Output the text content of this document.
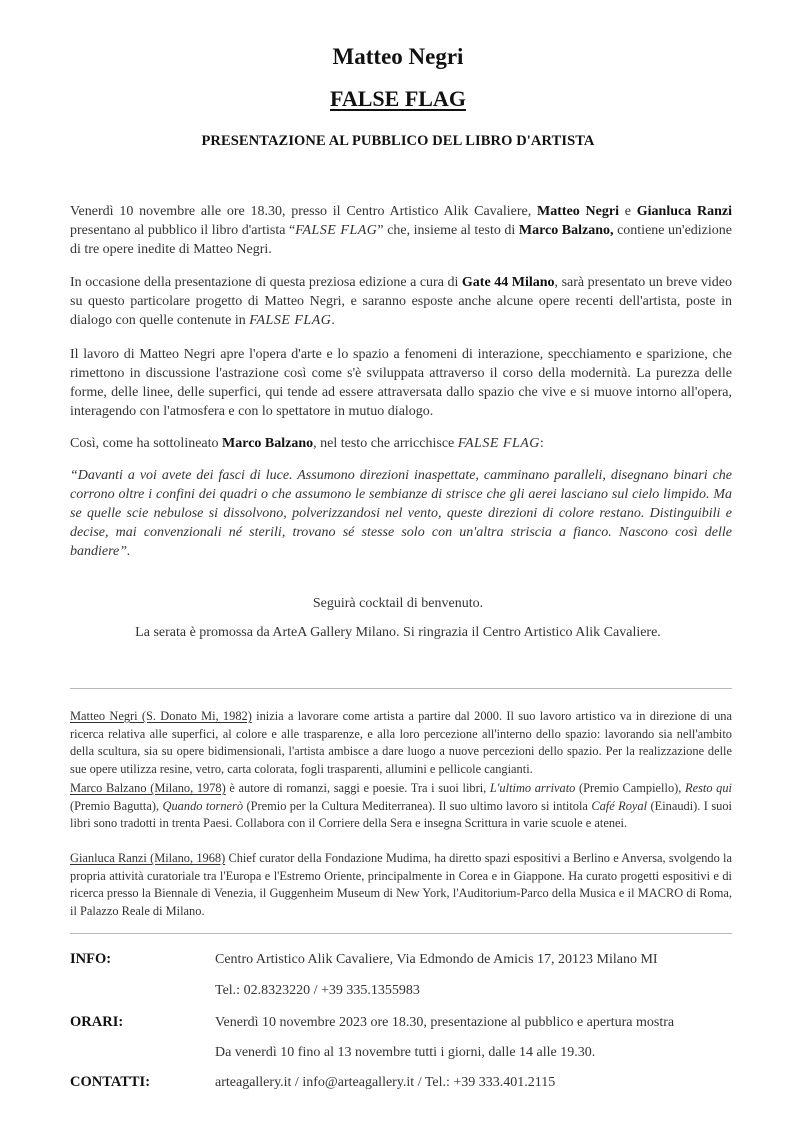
Matteo Negri
FALSE FLAG
PRESENTAZIONE AL PUBBLICO DEL LIBRO D'ARTISTA
Venerdì 10 novembre alle ore 18.30, presso il Centro Artistico Alik Cavaliere, Matteo Negri e Gianluca Ranzi presentano al pubblico il libro d'artista “FALSE FLAG” che, insieme al testo di Marco Balzano, contiene un'edizione di tre opere inedite di Matteo Negri.
In occasione della presentazione di questa preziosa edizione a cura di Gate 44 Milano, sarà presentato un breve video su questo particolare progetto di Matteo Negri, e saranno esposte anche alcune opere recenti dell'artista, poste in dialogo con quelle contenute in FALSE FLAG.
Il lavoro di Matteo Negri apre l'opera d'arte e lo spazio a fenomeni di interazione, specchiamento e sparizione, che rimettono in discussione l'astrazione così come s'è sviluppata attraverso il corso della modernità. La purezza delle forme, delle linee, delle superfici, qui tende ad essere attraversata dallo spazio che vive e si muove intorno all'opera, interagendo con l'atmosfera e con lo spettatore in mutuo dialogo.
Così, come ha sottolineato Marco Balzano, nel testo che arricchisce FALSE FLAG:
“Davanti a voi avete dei fasci di luce. Assumono direzioni inaspettate, camminano paralleli, disegnano binari che corrono oltre i confini dei quadri o che assumono le sembianze di strisce che gli aerei lasciano sul cielo limpido. Ma se quelle scie nebulose si dissolvono, polverizzandosi nel vento, queste direzioni di colore restano. Distinguibili e decise, mai convenzionali né sterili, trovano sé stesse solo con un'altra striscia a fianco. Nascono così delle bandiere”.
Seguirà cocktail di benvenuto.
La serata è promossa da ArteA Gallery Milano. Si ringrazia il Centro Artistico Alik Cavaliere.
Matteo Negri (S. Donato Mi, 1982) inizia a lavorare come artista a partire dal 2000. Il suo lavoro artistico va in direzione di una ricerca relativa alle superfici, al colore e alle trasparenze, e alla loro percezione all'interno dello spazio: lavorando sia nell'ambito della scultura, sia su opere bidimensionali, l'artista ambisce a dare luogo a nuove percezioni dello spazio. Per la realizzazione delle sue opere utilizza resine, vetro, carta colorata, fogli trasparenti, allumini e pellicole cangianti.
Marco Balzano (Milano, 1978) è autore di romanzi, saggi e poesie. Tra i suoi libri, L'ultimo arrivato (Premio Campiello), Resto qui (Premio Bagutta), Quando tornerò (Premio per la Cultura Mediterranea). Il suo ultimo lavoro si intitola Café Royal (Einaudi). I suoi libri sono tradotti in trenta Paesi. Collabora con il Corriere della Sera e insegna Scrittura in varie scuole e atenei.
Gianluca Ranzi (Milano, 1968) Chief curator della Fondazione Mudima, ha diretto spazi espositivi a Berlino e Anversa, svolgendo la propria attività curatoriale tra l'Europa e l'Estremo Oriente, principalmente in Corea e in Giappone. Ha curato progetti espositivi e di ricerca presso la Biennale di Venezia, il Guggenheim Museum di New York, l'Auditorium-Parco della Musica e il MACRO di Roma, il Palazzo Reale di Milano.
INFO:	Centro Artistico Alik Cavaliere, Via Edmondo de Amicis 17, 20123 Milano MI
Tel.: 02.8323220 / +39 335.1355983
ORARI:	Venerdì 10 novembre 2023 ore 18.30, presentazione al pubblico e apertura mostra
Da venerdì 10 fino al 13 novembre tutti i giorni, dalle 14 alle 19.30.
CONTATTI:	arteagallery.it / info@arteagallery.it / Tel.: +39 333.401.2115
